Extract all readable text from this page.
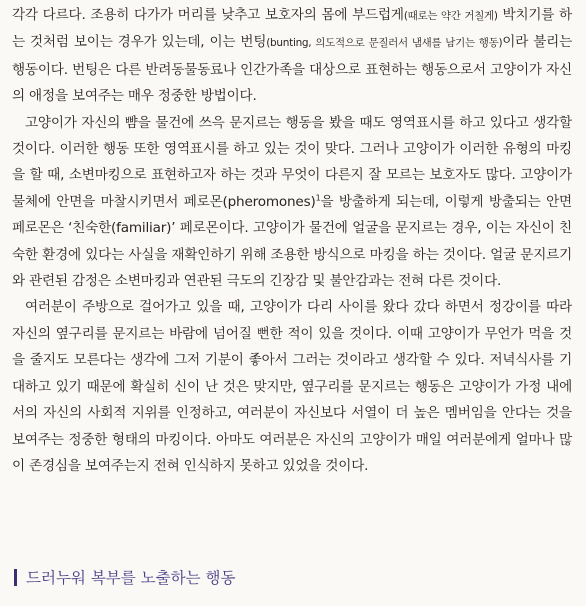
각각 다르다. 조용히 다가가 머리를 낮추고 보호자의 몸에 부드럽게(때로는 약간 거칠게) 박치기를 하는 것처럼 보이는 경우가 있는데, 이는 번팅(bunting, 의도적으로 문질러서 냄새를 남기는 행동)이라 불리는 행동이다. 번팅은 다른 반려동물동료나 인간가족을 대상으로 표현하는 행동으로서 고양이가 자신의 애정을 보여주는 매우 정중한 방법이다.

고양이가 자신의 뺨을 물건에 쓰윽 문지르는 행동을 봤을 때도 영역표시를 하고 있다고 생각할 것이다. 이러한 행동 또한 영역표시를 하고 있는 것이 맞다. 그러나 고양이가 이러한 유형의 마킹을 할 때, 소변마킹으로 표현하고자 하는 것과 무엇이 다른지 잘 모르는 보호자도 많다. 고양이가 물체에 안면을 마찰시키면서 페로몬(pheromones)$^1$을 방출하게 되는데, 이렇게 방출되는 안면페로몬은 ‘친숙한(familiar)’ 페로몬이다. 고양이가 물건에 얼굴을 문지르는 경우, 이는 자신이 친숙한 환경에 있다는 사실을 재확인하기 위해 조용한 방식으로 마킹을 하는 것이다. 얼굴 문지르기와 관련된 감정은 소변마킹과 연관된 극도의 긴장감 및 불안감과는 전혀 다른 것이다.

여러분이 주방으로 걸어가고 있을 때, 고양이가 다리 사이를 왔다 갔다 하면서 정강이를 따라 자신의 옆구리를 문지르는 바람에 넘어질 뻔한 적이 있을 것이다. 이때 고양이가 무언가 먹을 것을 줄지도 모른다는 생각에 그저 기분이 좋아서 그러는 것이라고 생각할 수 있다. 저녁식사를 기대하고 있기 때문에 확실히 신이 난 것은 맞지만, 옆구리를 문지르는 행동은 고양이가 가정 내에서의 자신의 사회적 지위를 인정하고, 여러분이 자신보다 서열이 더 높은 멤버임을 안다는 것을 보여주는 정중한 형태의 마킹이다. 아마도 여러분은 자신의 고양이가 매일 여러분에게 얼마나 많이 존경심을 보여주는지 전혀 인식하지 못하고 있었을 것이다.

드러누워 복부를 노출하는 행동
